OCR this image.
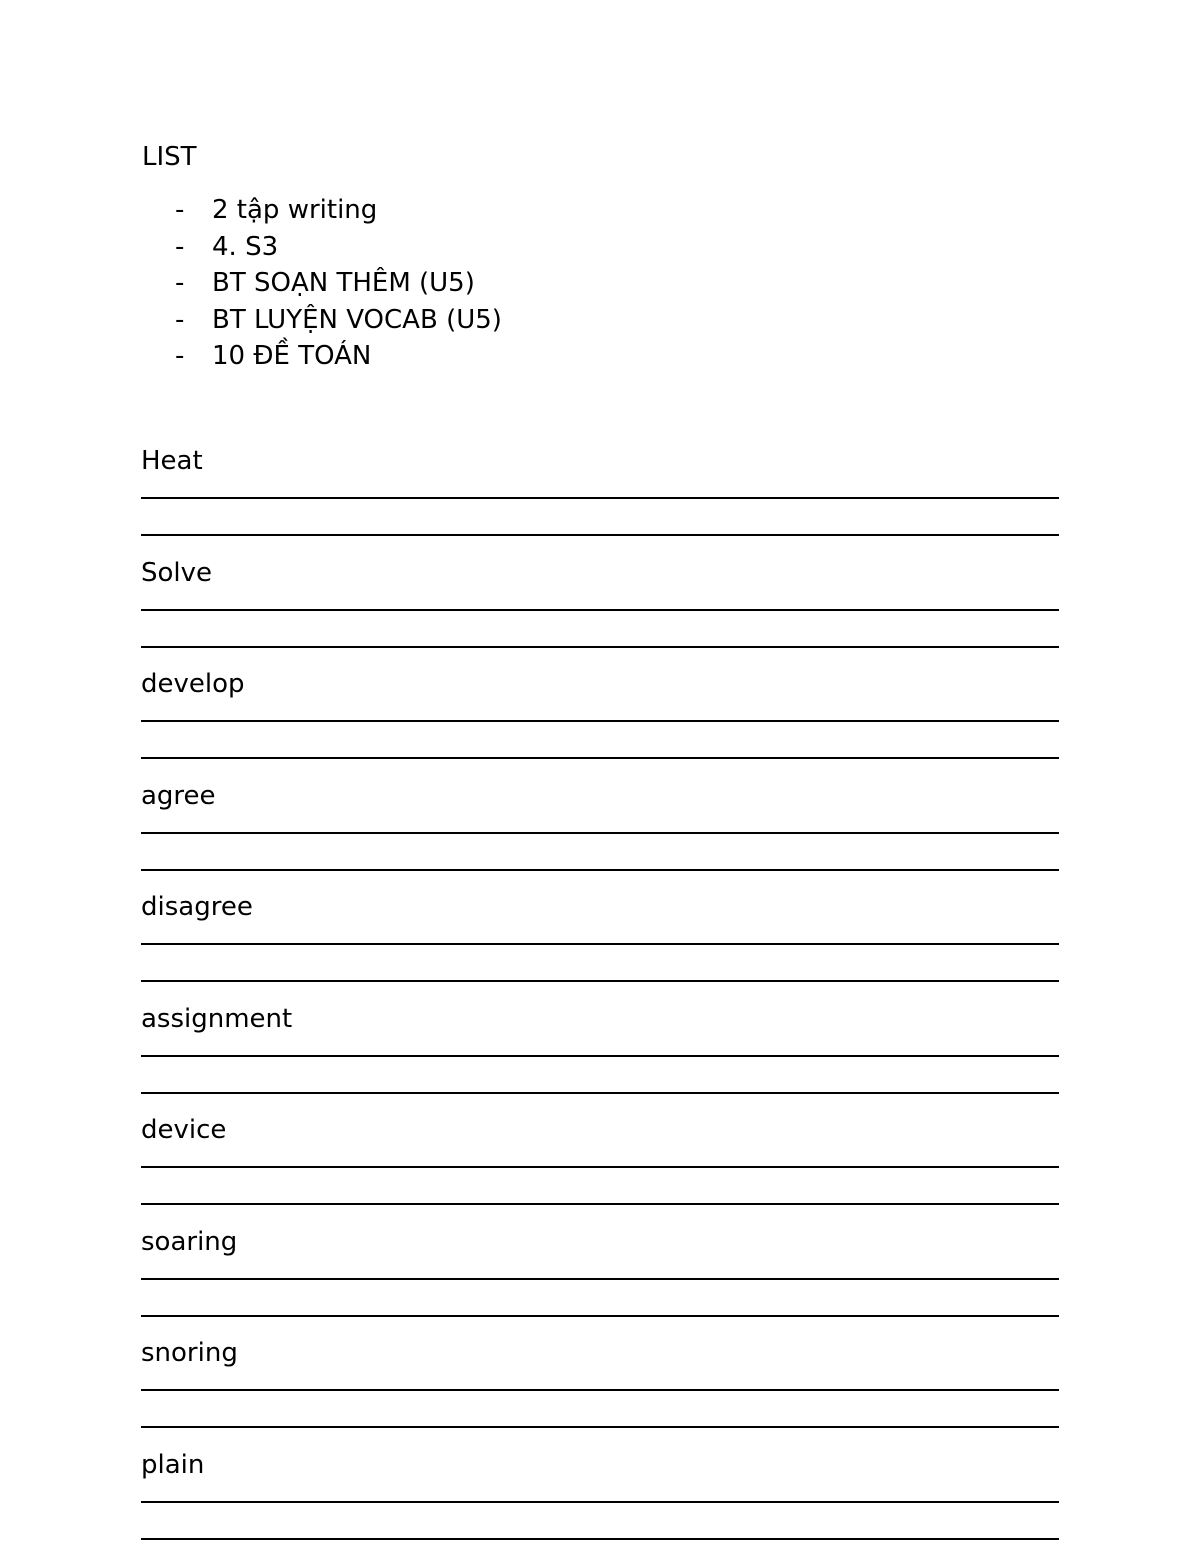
LIST
- 2 tập writing
- 4. S3
- BT SOẠN THÊM (U5)
- BT LUYỆN VOCAB (U5)
- 10 ĐỀ TOÁN
Heat
Solve
develop
agree
disagree
assignment
device
soaring
snoring
plain
